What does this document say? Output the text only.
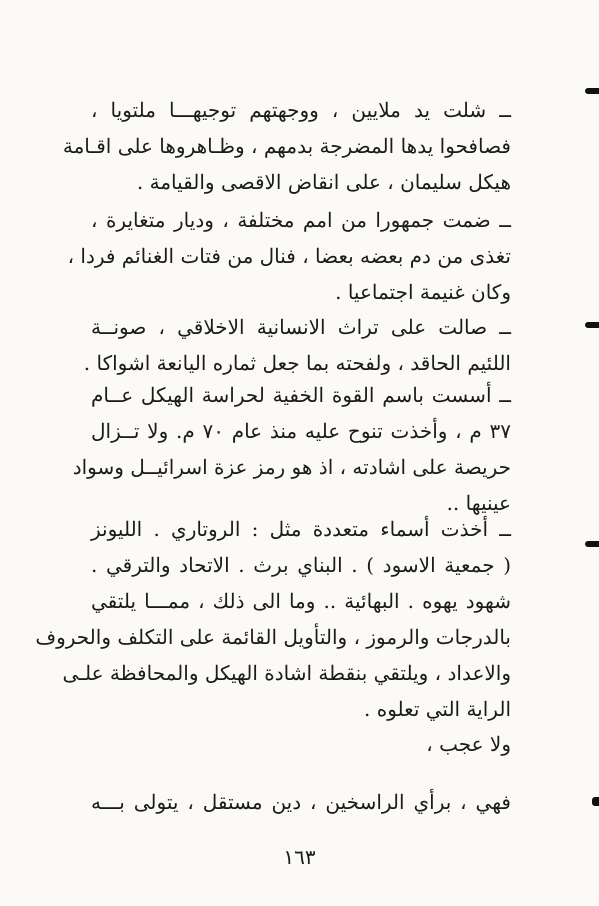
ــ شلت يد ملايين ، ووجهتهم توجيهـــا ملتويا ،
فصافحوا يدها المضرجة بدمهم ، وظـاهروها على اقـامة
هيكل سليمان ، على انقاض الاقصى والقيامة .
ــ ضمت جمهورا من امم مختلفة ، وديار متغايرة ،
تغذى من دم بعضه بعضا ، فنال من فتات الغنائم فردا ،
وكان غنيمة اجتماعيا .
ــ صالت على تراث الانسانية الاخلاقي ، صونــة
اللئيم الحاقد ، ولفحته بما جعل ثماره اليانعة اشواكا .
ــ أسست باسم القوة الخفية لحراسة الهيكل عــام
٣٧ م ، وأخذت تنوح عليه منذ عام ٧٠ م. ولا تــزال
حريصة على اشادته ، اذ هو رمز عزة اسرائيــل وسواد
عينيها ..
ــ أخذت أسماء متعددة مثل : الروتاري . الليونز
( جمعية الاسود ) . البناي برث . الاتحاد والترقي .
شهود يهوه . البهائية .. وما الى ذلك ، ممـــا يلتقي
بالدرجات والرموز ، والتأويل القائمة على التكلف والحروف
والاعداد ، ويلتقي بنقطة اشادة الهيكل والمحافظة علـى
الراية التي تعلوه .
ولا عجب ،
فهي ، برأي الراسخين ، دين مستقل ، يتولى بـــه
١٦٣
